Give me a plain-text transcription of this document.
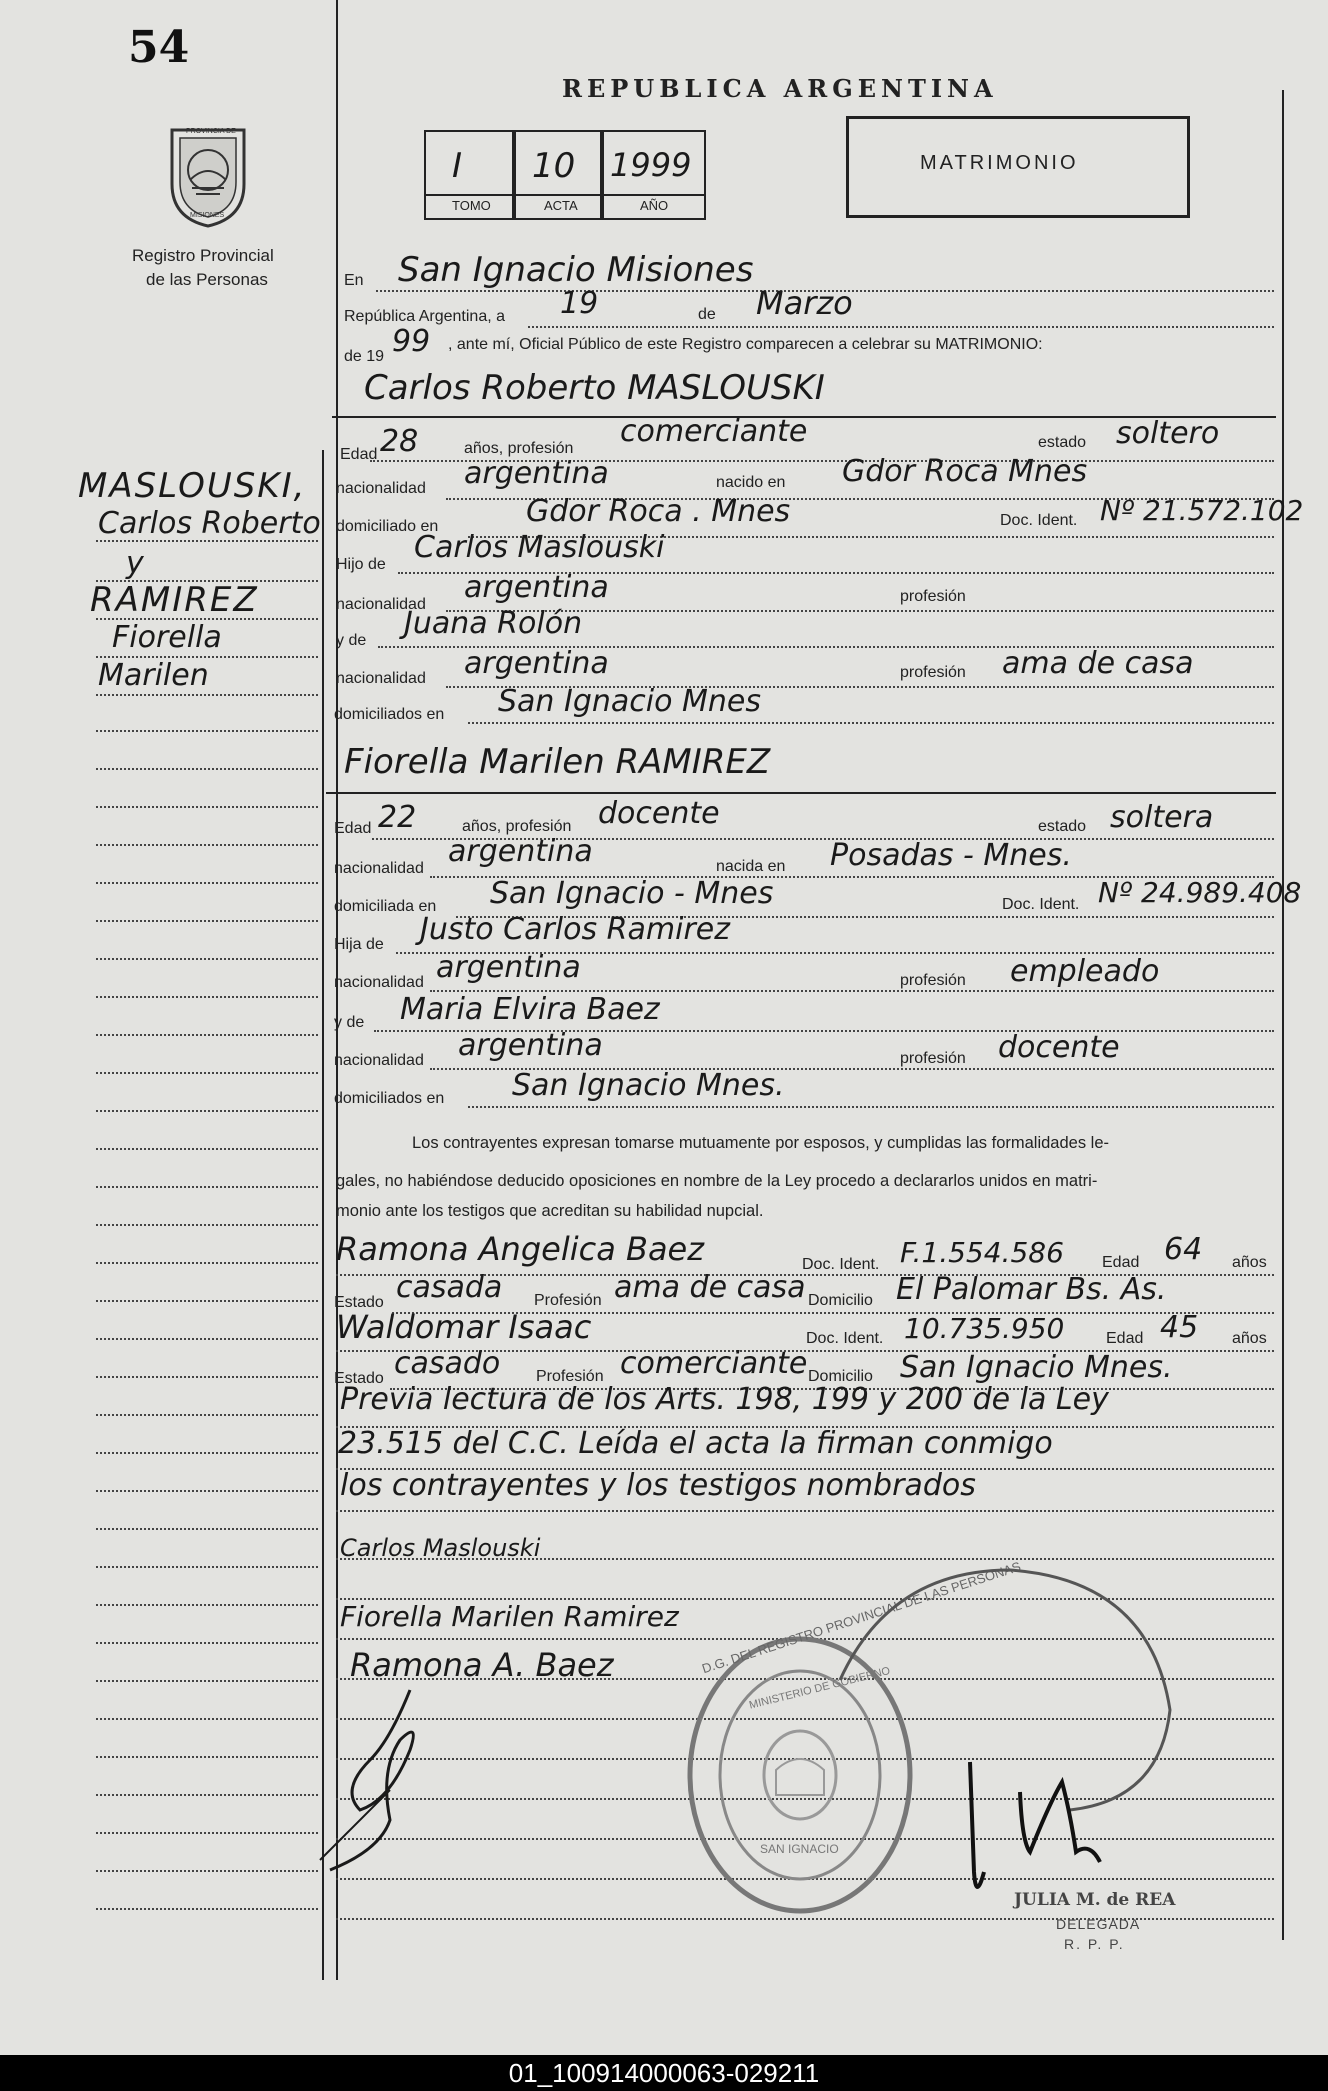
54
PROVINCIA DE
MISIONES
Registro Provincial
de las Personas
REPUBLICA ARGENTINA
I 10 1999
TOMO	ACTA	AÑO
MATRIMONIO
MASLOUSKI,
Carlos Roberto
y
RAMIREZ
Fiorella
Marilen
En San Ignacio Misiones
República Argentina, a 19	de Marzo
de 19 99 , ante mí, Oficial Público de este Registro comparecen a celebrar su MATRIMONIO:
Carlos Roberto MASLOUSKI
Edad 28	años, profesión comerciante	estado soltero
nacionalidad argentina	nacido en Gdor Roca Mnes
domiciliado en	Gdor Roca . Mnes	Doc. Ident. Nº 21.572.102
Hijo de Carlos Maslouski
nacionalidad argentina	profesión
y de Juana Rolón
nacionalidad argentina	profesión ama de casa
domiciliados en San Ignacio Mnes
Fiorella Marilen RAMIREZ
Edad 22	años, profesión docente	estado soltera
nacionalidad argentina	nacida en Posadas - Mnes.
domiciliada en San Ignacio - Mnes	Doc. Ident. Nº 24.989.408
Hija de Justo Carlos Ramirez
nacionalidad argentina	profesión empleado
y de Maria Elvira Baez
nacionalidad argentina	profesión docente
domiciliados en San Ignacio Mnes.
Los contrayentes expresan tomarse mutuamente por esposos, y cumplidas las formalidades le-
gales, no habiéndose deducido oposiciones en nombre de la Ley procedo a declararlos unidos en matri-
monio ante los testigos que acreditan su habilidad nupcial.
Ramona Angelica Baez	Doc. Ident. F.1.554.586 Edad 64 años
Estado casada Profesión ama de casa Domicilio El Palomar Bs. As.
Waldomar Isaac	Doc. Ident. 10.735.950	Edad 45 años
Estado casado Profesión comerciante Domicilio San Ignacio Mnes.
Previa lectura de los Arts. 198, 199 y 200 de la Ley
23.515 del C.C. Leída el acta la firman conmigo
los contrayentes y los testigos nombrados
Carlos Maslouski
Fiorella Marilen Ramirez
Ramona A. Baez	D.G. DEL REGISTRO PROVINCIAL DE LAS PERSONAS
MINISTERIO DE GOBIERNO
SAN IGNACIO
JULIA M. de REA
DELEGADA
R. P. P.
01_100914000063-029211
